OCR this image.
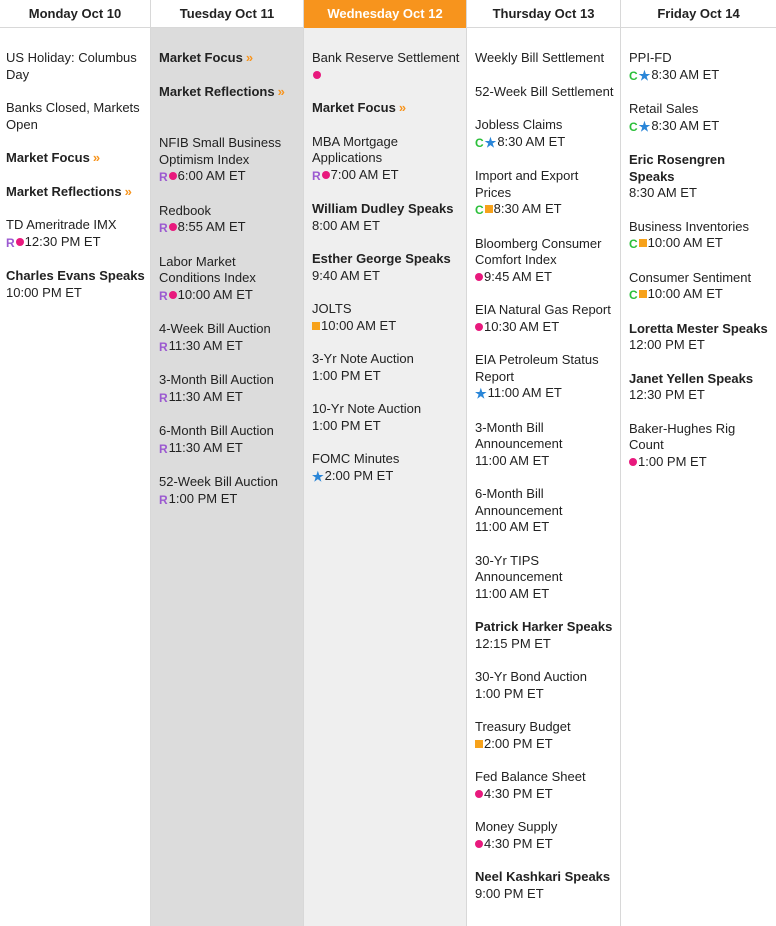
Monday Oct 10
US Holiday: Columbus Day
Banks Closed, Markets Open
Market Focus »
Market Reflections »
TD Ameritrade IMX
R 12:30 PM ET
Charles Evans Speaks
10:00 PM ET
Tuesday Oct 11
Market Focus »
Market Reflections »
NFIB Small Business Optimism Index
R 6:00 AM ET
Redbook
R 8:55 AM ET
Labor Market Conditions Index
R 10:00 AM ET
4-Week Bill Auction
R11:30 AM ET
3-Month Bill Auction
R11:30 AM ET
6-Month Bill Auction
R11:30 AM ET
52-Week Bill Auction
R1:00 PM ET
Wednesday Oct 12
Bank Reserve Settlement
Market Focus »
MBA Mortgage Applications
R 7:00 AM ET
William Dudley Speaks
8:00 AM ET
Esther George Speaks
9:40 AM ET
JOLTS
10:00 AM ET
3-Yr Note Auction
1:00 PM ET
10-Yr Note Auction
1:00 PM ET
FOMC Minutes
★2:00 PM ET
Thursday Oct 13
Weekly Bill Settlement
52-Week Bill Settlement
Jobless Claims
C★8:30 AM ET
Import and Export Prices
C 8:30 AM ET
Bloomberg Consumer Comfort Index
9:45 AM ET
EIA Natural Gas Report
10:30 AM ET
EIA Petroleum Status Report
★11:00 AM ET
3-Month Bill Announcement
11:00 AM ET
6-Month Bill Announcement
11:00 AM ET
30-Yr TIPS Announcement
11:00 AM ET
Patrick Harker Speaks
12:15 PM ET
30-Yr Bond Auction
1:00 PM ET
Treasury Budget
2:00 PM ET
Fed Balance Sheet
4:30 PM ET
Money Supply
4:30 PM ET
Neel Kashkari Speaks
9:00 PM ET
Friday Oct 14
PPI-FD
C★8:30 AM ET
Retail Sales
C★8:30 AM ET
Eric Rosengren Speaks
8:30 AM ET
Business Inventories
C 10:00 AM ET
Consumer Sentiment
C 10:00 AM ET
Loretta Mester Speaks
12:00 PM ET
Janet Yellen Speaks
12:30 PM ET
Baker-Hughes Rig Count
1:00 PM ET
